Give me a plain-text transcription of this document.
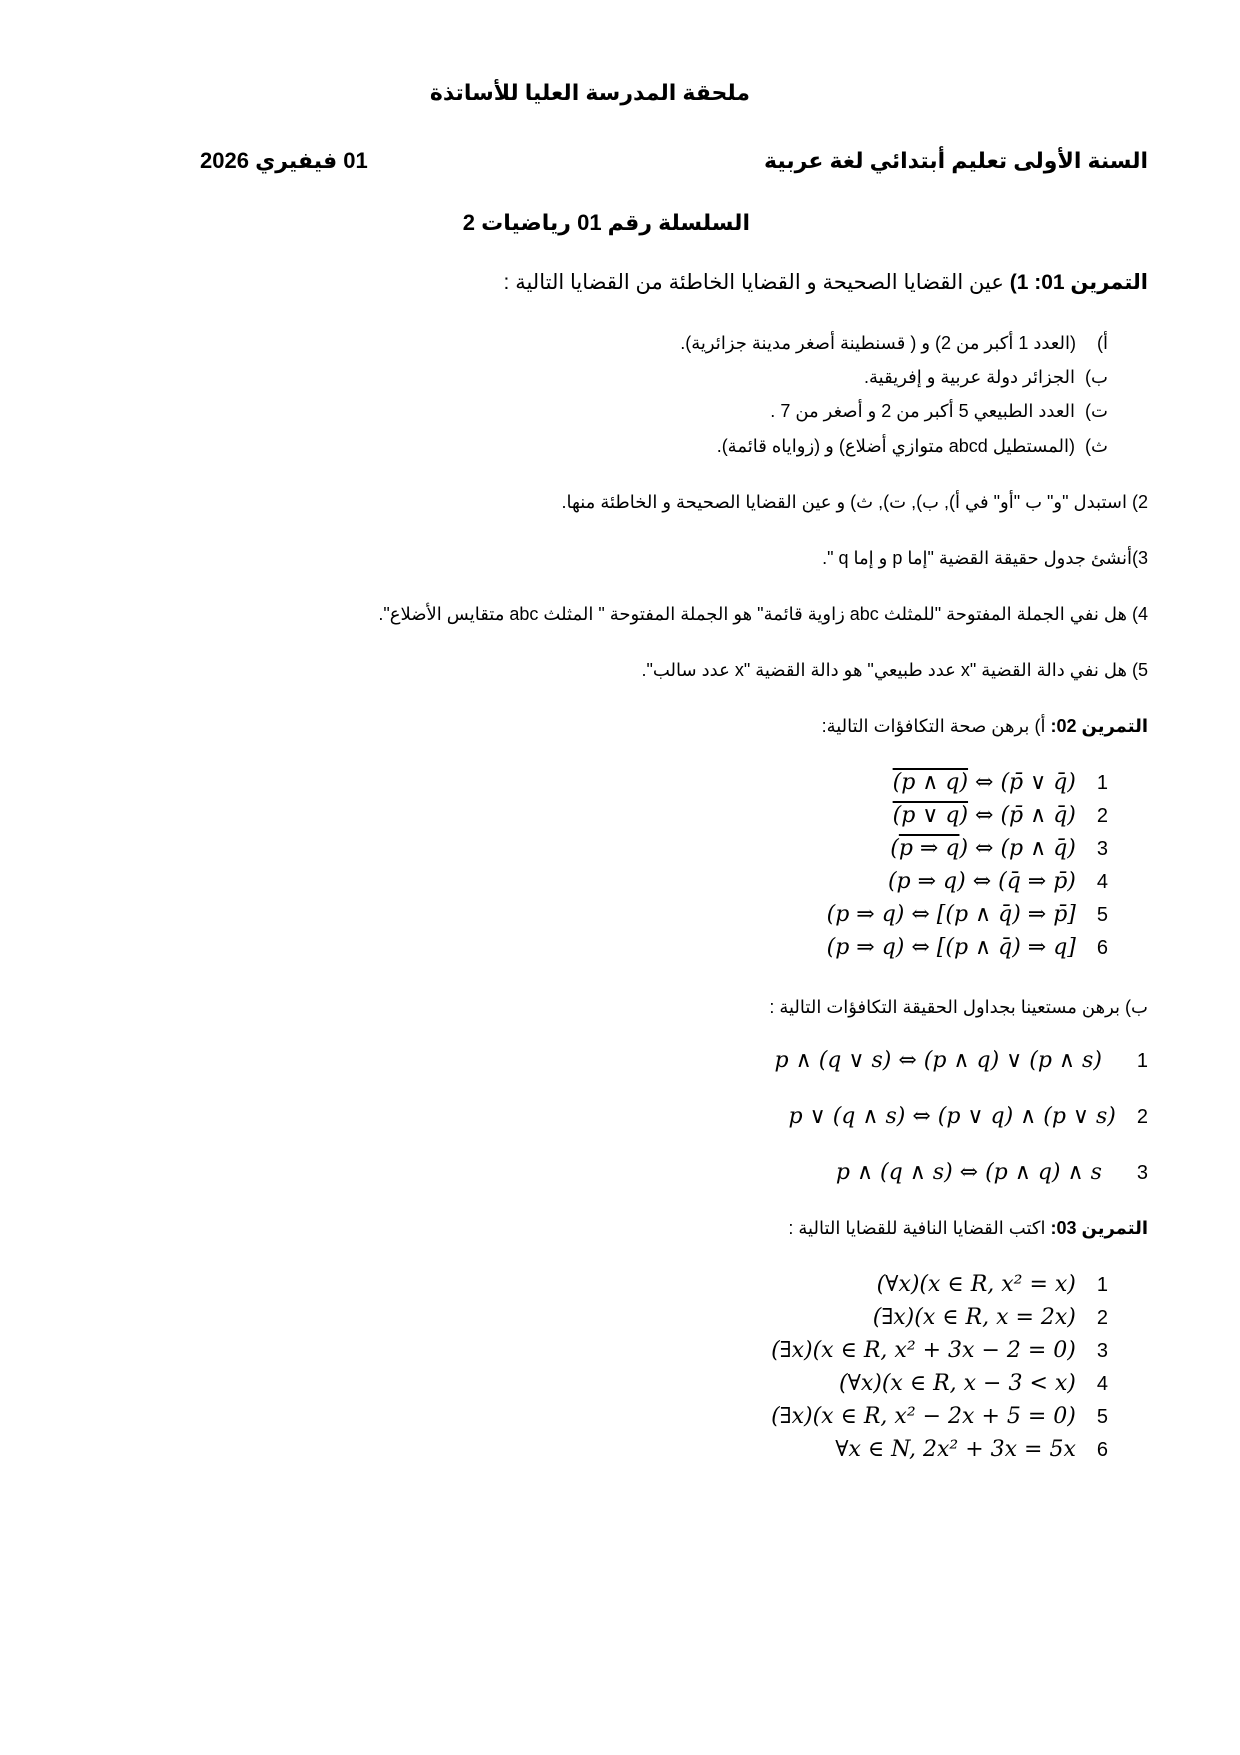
ملحقة المدرسة العليا للأساتذة
السنة الأولى تعليم أبتدائي لغة عربية
01 فيفيري 2026
السلسلة رقم 01 رياضيات 2
التمرين 01: 1) عين القضايا الصحيحة و القضايا الخاطئة من القضايا التالية :
أ)  (العدد 1 أكبر من 2) و ( قسنطينة أصغر مدينة جزائرية).
ب)  الجزائر دولة عربية و إفريقية.
ت)  العدد الطبيعي 5 أكبر من 2 و أصغر من 7 .
ث)  (المستطيل abcd متوازي أضلاع) و (زواياه قائمة).
2) استبدل "و" ب "أو" في أ), ب), ت), ث) و عين القضايا الصحيحة و الخاطئة منها.
3)أنشئ جدول حقيقة القضية "إما p و إما q ".
4) هل نفي الجملة المفتوحة "للمثلث abc زاوية قائمة" هو الجملة المفتوحة " المثلث abc متقايس الأضلاع".
5) هل نفي دالة القضية "x عدد طبيعي" هو دالة القضية "x عدد سالب".
التمرين 02: أ) برهن صحة التكافؤات التالية:
(p ∧ q) ⇔ (p̄ ∨ q̄) 1
(p ∨ q) ⇔ (p̄ ∧ q̄) 2
(p ⇒ q) ⇔ (p ∧ q̄) 3
(p ⇒ q) ⇔ (q̄ ⇒ p̄) 4
(p ⇒ q) ⇔ [(p ∧ q̄) ⇒ p̄] 5
(p ⇒ q) ⇔ [(p ∧ q̄) ⇒ q] 6
ب) برهن مستعينا بجداول الحقيقة التكافؤات التالية :
p ∧ (q ∨ s) ⇔ (p ∧ q) ∨ (p ∧ s) 1
p ∨ (q ∧ s) ⇔ (p ∨ q) ∧ (p ∨ s) 2
p ∧ (q ∧ s) ⇔ (p ∧ q) ∧ s 3
التمرين 03: اكتب القضايا النافية للقضايا التالية :
(∀x)(x ∈ R, x² = x) 1
(∃x)(x ∈ R, x = 2x) 2
(∃x)(x ∈ R, x² + 3x − 2 = 0) 3
(∀x)(x ∈ R, x − 3 < x) 4
(∃x)(x ∈ R, x² − 2x + 5 = 0) 5
∀x ∈ N, 2x² + 3x = 5x 6
